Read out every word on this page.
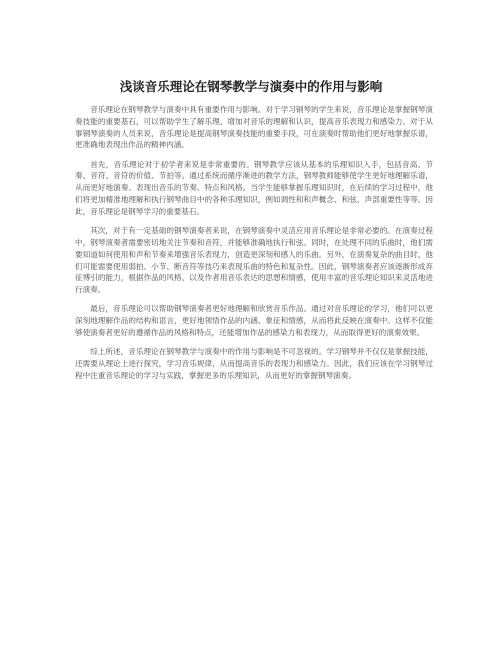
浅谈音乐理论在钢琴教学与演奏中的作用与影响

音乐理论在钢琴教学与演奏中具有重要作用与影响。对于学习钢琴的学生来说，音乐理论是掌握钢琴演奏技能的重要基石，可以帮助学生了解乐理、增加对音乐的理解和认识，提高音乐表现力和感染力。对于从事钢琴演奏的人员来说，音乐理论是提高钢琴演奏技能的重要手段，可在演奏时帮助他们更好地掌握乐谱，更准确地表现出作品的精神内涵。

首先，音乐理论对于初学者来说是非常重要的。钢琴教学应该从基本的乐理知识入手，包括音高、节奏、音符、音符的价值、节拍等。通过系统而循序渐进的教学方法，钢琴教师能够使学生更好地理解乐谱，从而更好地演奏、表现出音乐的节奏、特点和风格。当学生能够掌握乐理知识时，在后续的学习过程中，他们将更加精准地理解和执行钢琴曲目中的各种乐理知识，例如调性和和声概念、和弦、声部重要性等等。因此，音乐理论是钢琴学习的重要基石。

其次，对于有一定基础的钢琴演奏者来说，在钢琴演奏中灵活应用音乐理论是非常必要的。在演奏过程中，钢琴演奏者需要密切地关注节奏和音符，并能够准确地执行和弦。同时，在处理不同的乐曲时，他们需要知道如何使用和声和节奏来增强音乐表现力，创造更深刻和感人的乐曲。另外，在演奏复杂的曲目时，他们可能需要使用弱拍、小节、断音符等技巧来表现乐曲的特色和复杂性。因此，钢琴演奏者应该逐渐形成弃征博引的能力，根据作品的风格、以及作者用音乐表达的思想和情感，使用丰富的音乐理论知识来灵活地进行演奏。

最后，音乐理论可以帮助钢琴演奏者更好地理解和欣赏音乐作品。通过对音乐理论的学习，他们可以更深刻地理解作品的结构和语言，更好地领悟作品的内涵、象征和情感，从而将此反映在演奏中。这样不仅能够使演奏者更好的遵循作品的风格和特点，还能增加作品的感染力和表现力，从而取得更好的演奏效果。

综上所述，音乐理论在钢琴教学与演奏中的作用与影响是不可忽视的。学习钢琴并不仅仅是掌握技能，还需要从理论上进行探究，学习音乐规律，从而提高音乐的表现力和感染力。因此，我们应该在学习钢琴过程中注重音乐理论的学习与实践，掌握更多的乐理知识，从而更好的掌握钢琴演奏。
